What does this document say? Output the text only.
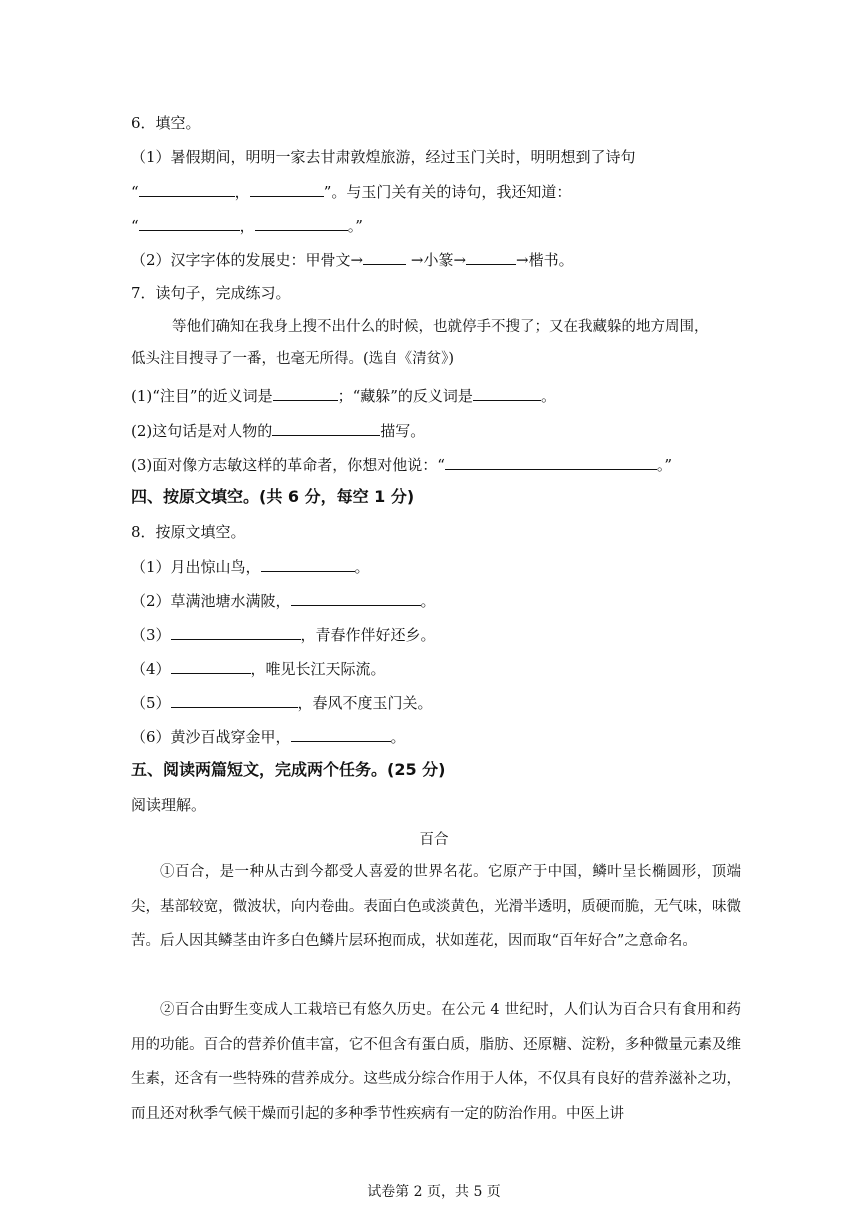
6．填空。
（1）暑假期间，明明一家去甘肃敦煌旅游，经过玉门关时，明明想到了诗句
“	，	”。与玉门关有关的诗句，我还知道：
“	，	。”
（2）汉字字体的发展史：甲骨文→	→小篆→	→楷书。
7．读句子，完成练习。
等他们确知在我身上搜不出什么的时候，也就停手不搜了；又在我藏躲的地方周围，
低头注目搜寻了一番，也毫无所得。(选自《清贫》)
(1)“注目”的近义词是	；“藏躲”的反义词是	。
(2)这句话是对人物的	描写。
(3)面对像方志敏这样的革命者，你想对他说：“	。”
四、按原文填空。(共 6 分，每空 1 分)
8．按原文填空。
（1）月出惊山鸟，	。
（2）草满池塘水满陂，	。
（3）	，青春作伴好还乡。
（4）	，唯见长江天际流。
（5）	，春风不度玉门关。
（6）黄沙百战穿金甲，	。
五、阅读两篇短文，完成两个任务。(25 分)
阅读理解。
百合

①百合，是一种从古到今都受人喜爱的世界名花。它原产于中国，鳞叶呈长椭圆形，顶端尖，基部较宽，微波状，向内卷曲。表面白色或淡黄色，光滑半透明，质硬而脆，无气味，味微苦。后人因其鳞茎由许多白色鳞片层环抱而成，状如莲花，因而取“百年好合”之意命名。

②百合由野生变成人工栽培已有悠久历史。在公元 4 世纪时，人们认为百合只有食用和药用的功能。百合的营养价值丰富，它不但含有蛋白质，脂肪、还原糖、淀粉，多种微量元素及维生素，还含有一些特殊的营养成分。这些成分综合作用于人体，不仅具有良好的营养滋补之功，而且还对秋季气候干燥而引起的多种季节性疾病有一定的防治作用。中医上讲

试卷第 2 页，共 5 页
